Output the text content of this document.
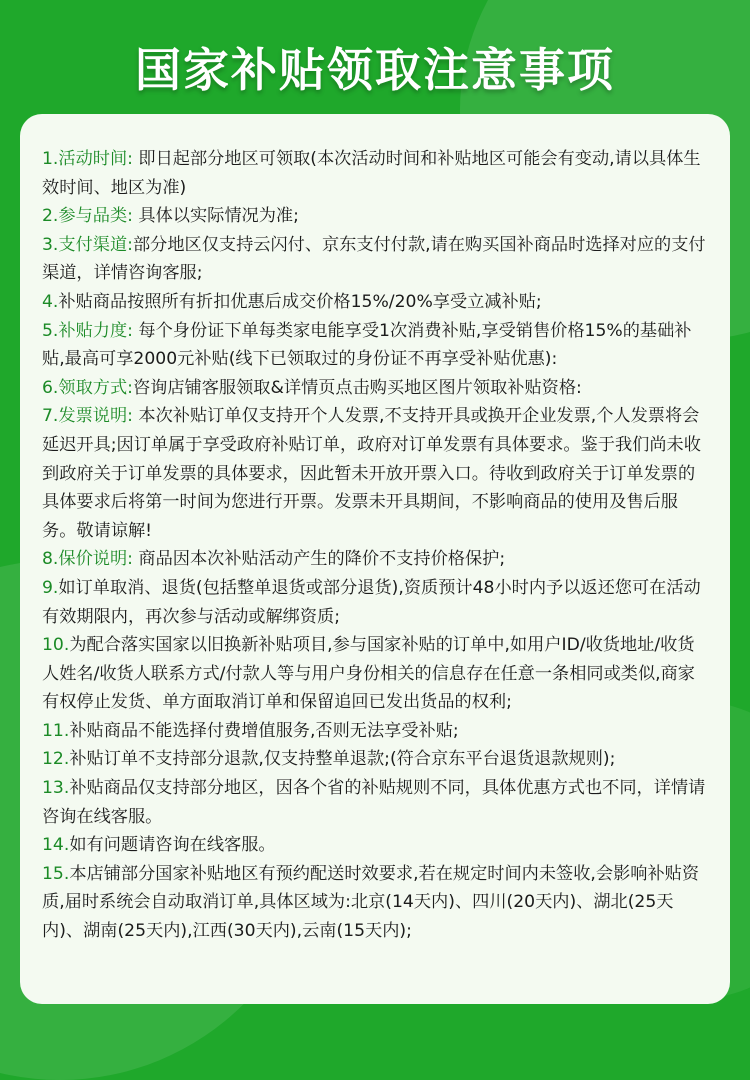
国家补贴领取注意事项
1.活动时间: 即日起部分地区可领取(本次活动时间和补贴地区可能会有变动,请以具体生效时间、地区为准)
2.参与品类: 具体以实际情况为准;
3.支付渠道:部分地区仅支持云闪付、京东支付付款,请在购买国补商品时选择对应的支付渠道，详情咨询客服;
4.补贴商品按照所有折扣优惠后成交价格15%/20%享受立减补贴;
5.补贴力度: 每个身份证下单每类家电能享受1次消费补贴,享受销售价格15%的基础补贴,最高可享2000元补贴(线下已领取过的身份证不再享受补贴优惠):
6.领取方式:咨询店铺客服领取&详情页点击购买地区图片领取补贴资格:
7.发票说明: 本次补贴订单仅支持开个人发票,不支持开具或换开企业发票,个人发票将会延迟开具;因订单属于享受政府补贴订单，政府对订单发票有具体要求。鉴于我们尚未收到政府关于订单发票的具体要求，因此暂未开放开票入口。待收到政府关于订单发票的具体要求后将第一时间为您进行开票。发票未开具期间，不影响商品的使用及售后服务。敬请谅解!
8.保价说明: 商品因本次补贴活动产生的降价不支持价格保护;
9.如订单取消、退货(包括整单退货或部分退货),资质预计48小时内予以返还您可在活动有效期限内，再次参与活动或解绑资质;
10.为配合落实国家以旧换新补贴项目,参与国家补贴的订单中,如用户ID/收货地址/收货人姓名/收货人联系方式/付款人等与用户身份相关的信息存在任意一条相同或类似,商家有权停止发货、单方面取消订单和保留追回已发出货品的权利;
11.补贴商品不能选择付费增值服务,否则无法享受补贴;
12.补贴订单不支持部分退款,仅支持整单退款;(符合京东平台退货退款规则);
13.补贴商品仅支持部分地区，因各个省的补贴规则不同，具体优惠方式也不同，详情请咨询在线客服。
14.如有问题请咨询在线客服。
15.本店铺部分国家补贴地区有预约配送时效要求,若在规定时间内未签收,会影响补贴资质,届时系统会自动取消订单,具体区域为:北京(14天内)、四川(20天内)、湖北(25天内)、湖南(25天内),江西(30天内),云南(15天内);
